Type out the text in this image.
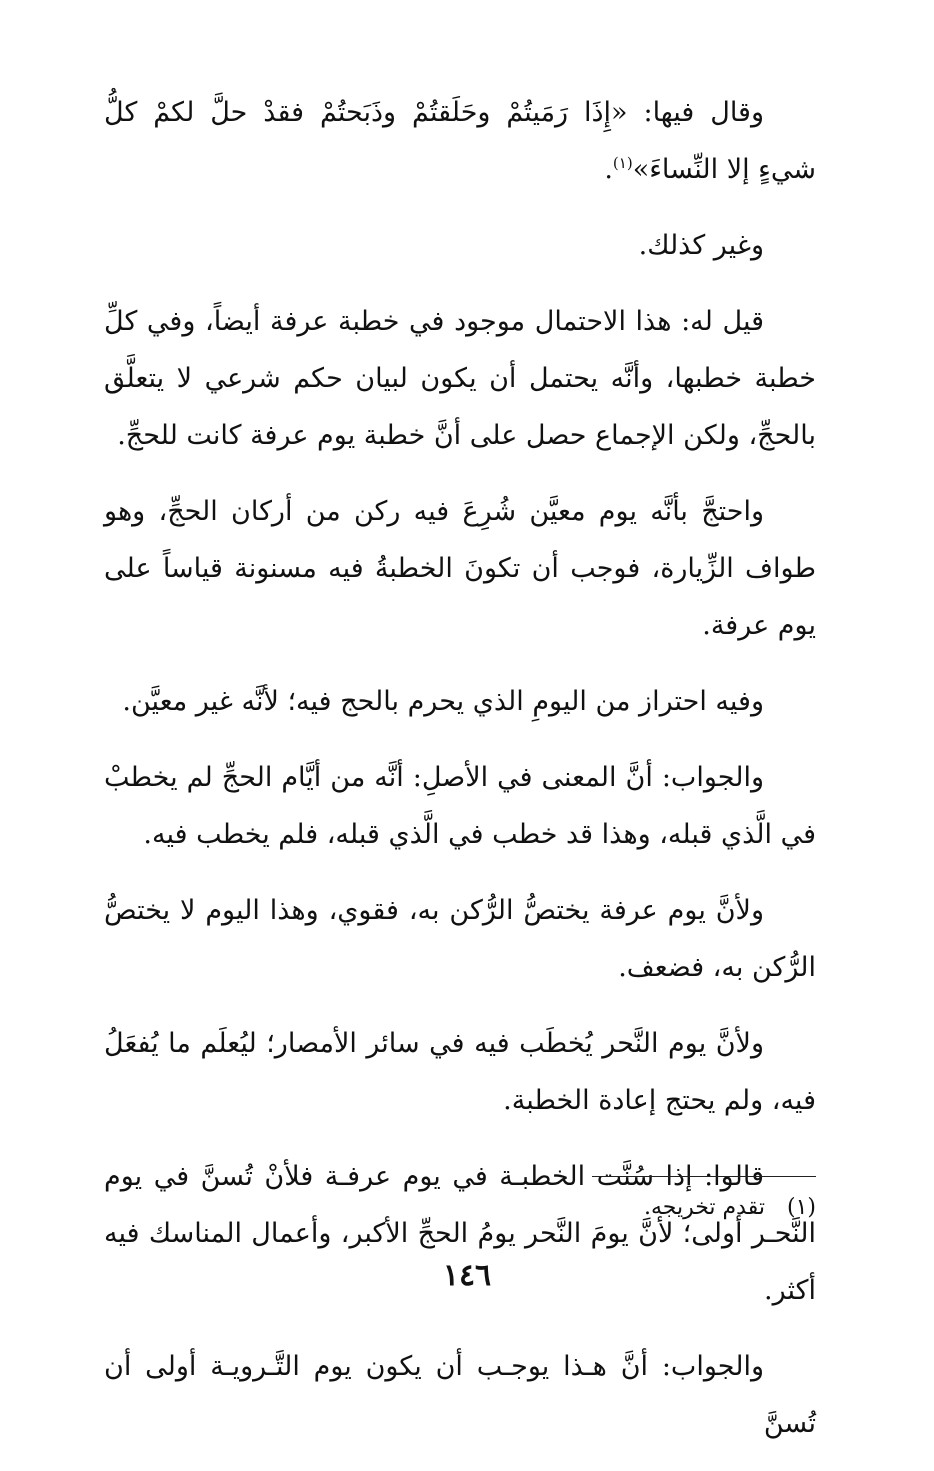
وقال فيها: «إِذَا رَمَيتُمْ وحَلَقتُمْ وذَبَحتُمْ فقدْ حلَّ لكمْ كلُّ شيءٍ إلا النِّساءَ»$^{(١)}$.

وغير كذلك.

قيل له: هذا الاحتمال موجود في خطبة عرفة أيضاً، وفي كلِّ خطبة خطبها، وأنَّه يحتمل أن يكون لبيان حكم شرعي لا يتعلَّق بالحجِّ، ولكن الإجماع حصل على أنَّ خطبة يوم عرفة كانت للحجِّ.

واحتجَّ بأنَّه يوم معيَّن شُرِعَ فيه ركن من أركان الحجِّ، وهو طواف الزِّيارة، فوجب أن تكونَ الخطبةُ فيه مسنونة قياساً على يوم عرفة.

وفيه احتراز من اليومِ الذي يحرم بالحج فيه؛ لأنَّه غير معيَّن.

والجواب: أنَّ المعنى في الأصلِ: أنَّه من أيَّام الحجِّ لم يخطبْ في الَّذي قبله، وهذا قد خطب في الَّذي قبله، فلم يخطب فيه.

ولأنَّ يوم عرفة يختصُّ الرُّكن به، فقوي، وهذا اليوم لا يختصُّ الرُّكن به، فضعف.

ولأنَّ يوم النَّحر يُخطَب فيه في سائر الأمصار؛ ليُعلَم ما يُفعَلُ فيه، ولم يحتج إعادة الخطبة.

قالوا: إذا سُنَّت الخطبـة في يوم عرفـة فلأنْ تُسنَّ في يوم النَّحـر أولى؛ لأنَّ يومَ النَّحر يومُ الحجِّ الأكبر، وأعمال المناسك فيه أكثر.

والجواب: أنَّ هـذا يوجـب أن يكون يوم التَّـرويـة أولى أن تُسنَّ

(١)تقدم تخريجه.
١٤٦
